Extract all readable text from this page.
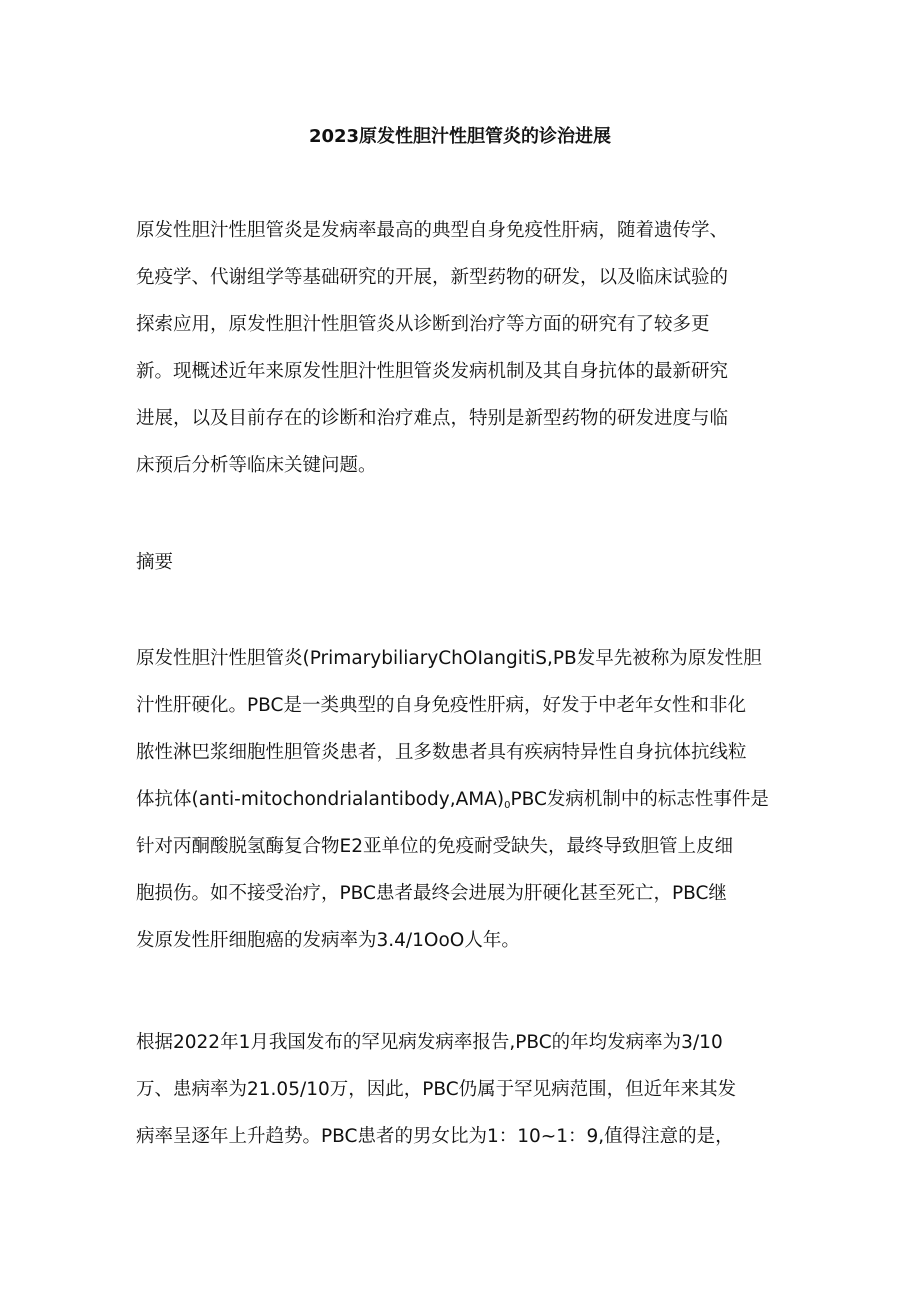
2023原发性胆汁性胆管炎的诊治进展
原发性胆汁性胆管炎是发病率最高的典型自身免疫性肝病，随着遗传学、
免疫学、代谢组学等基础研究的开展，新型药物的研发，以及临床试验的
探索应用，原发性胆汁性胆管炎从诊断到治疗等方面的研究有了较多更
新。现概述近年来原发性胆汁性胆管炎发病机制及其自身抗体的最新研究
进展，以及目前存在的诊断和治疗难点，特别是新型药物的研发进度与临
床预后分析等临床关键问题。
摘要
原发性胆汁性胆管炎(PrimarybiliaryChOIangitiS,PB发早先被称为原发性胆
汁性肝硬化。PBC是一类典型的自身免疫性肝病，好发于中老年女性和非化
脓性淋巴浆细胞性胆管炎患者，且多数患者具有疾病特异性自身抗体抗线粒
体抗体$(anti-mitochondrialantibody,AMA)_0PBC$发病机制中的标志性事件是
针对丙酮酸脱氢酶复合物E2亚单位的免疫耐受缺失，最终导致胆管上皮细
胞损伤。如不接受治疗，PBC患者最终会进展为肝硬化甚至死亡，PBC继
发原发性肝细胞癌的发病率为3.4/1OoO人年。
根据2022年1月我国发布的罕见病发病率报告,PBC的年均发病率为3/10
万、患病率为21.05/10万，因此，PBC仍属于罕见病范围，但近年来其发
病率呈逐年上升趋势。PBC患者的男女比为1：10~1：9,值得注意的是，
